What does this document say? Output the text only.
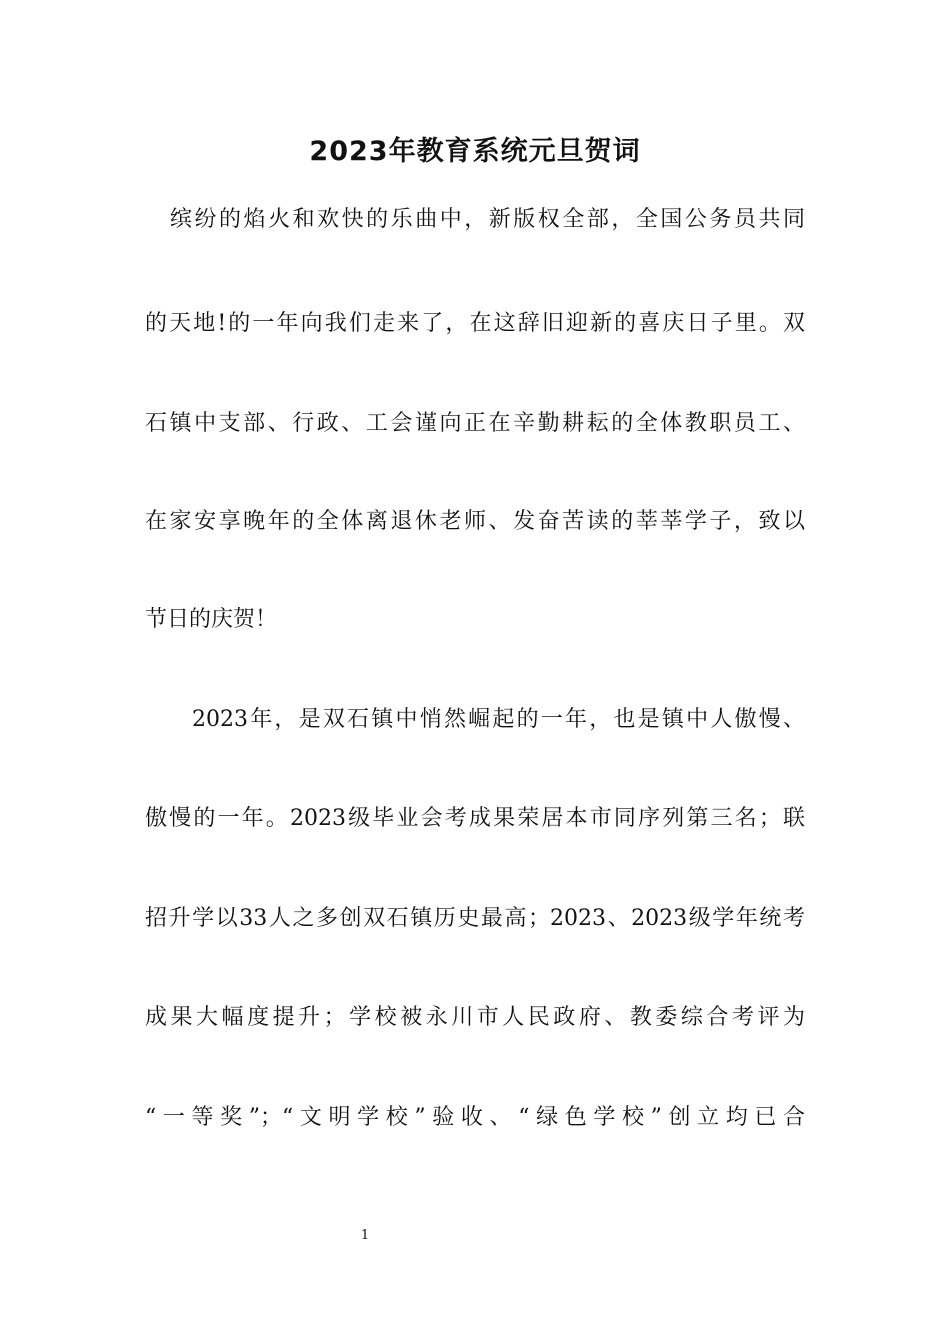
2023年教育系统元旦贺词
缤纷的焰火和欢快的乐曲中，新版权全部，全国公务员共同
的天地!的一年向我们走来了，在这辞旧迎新的喜庆日子里。双
石镇中支部、行政、工会谨向正在辛勤耕耘的全体教职员工、
在家安享晚年的全体离退休老师、发奋苦读的莘莘学子，致以
节日的庆贺！
2023年，是双石镇中悄然崛起的一年，也是镇中人傲慢、
傲慢的一年。2023级毕业会考成果荣居本市同序列第三名；联
招升学以33人之多创双石镇历史最高；2023、2023级学年统考
成果大幅度提升；学校被永川市人民政府、教委综合考评为
“一等奖”；“文明学校”验收、“绿色学校”创立均已合
1
